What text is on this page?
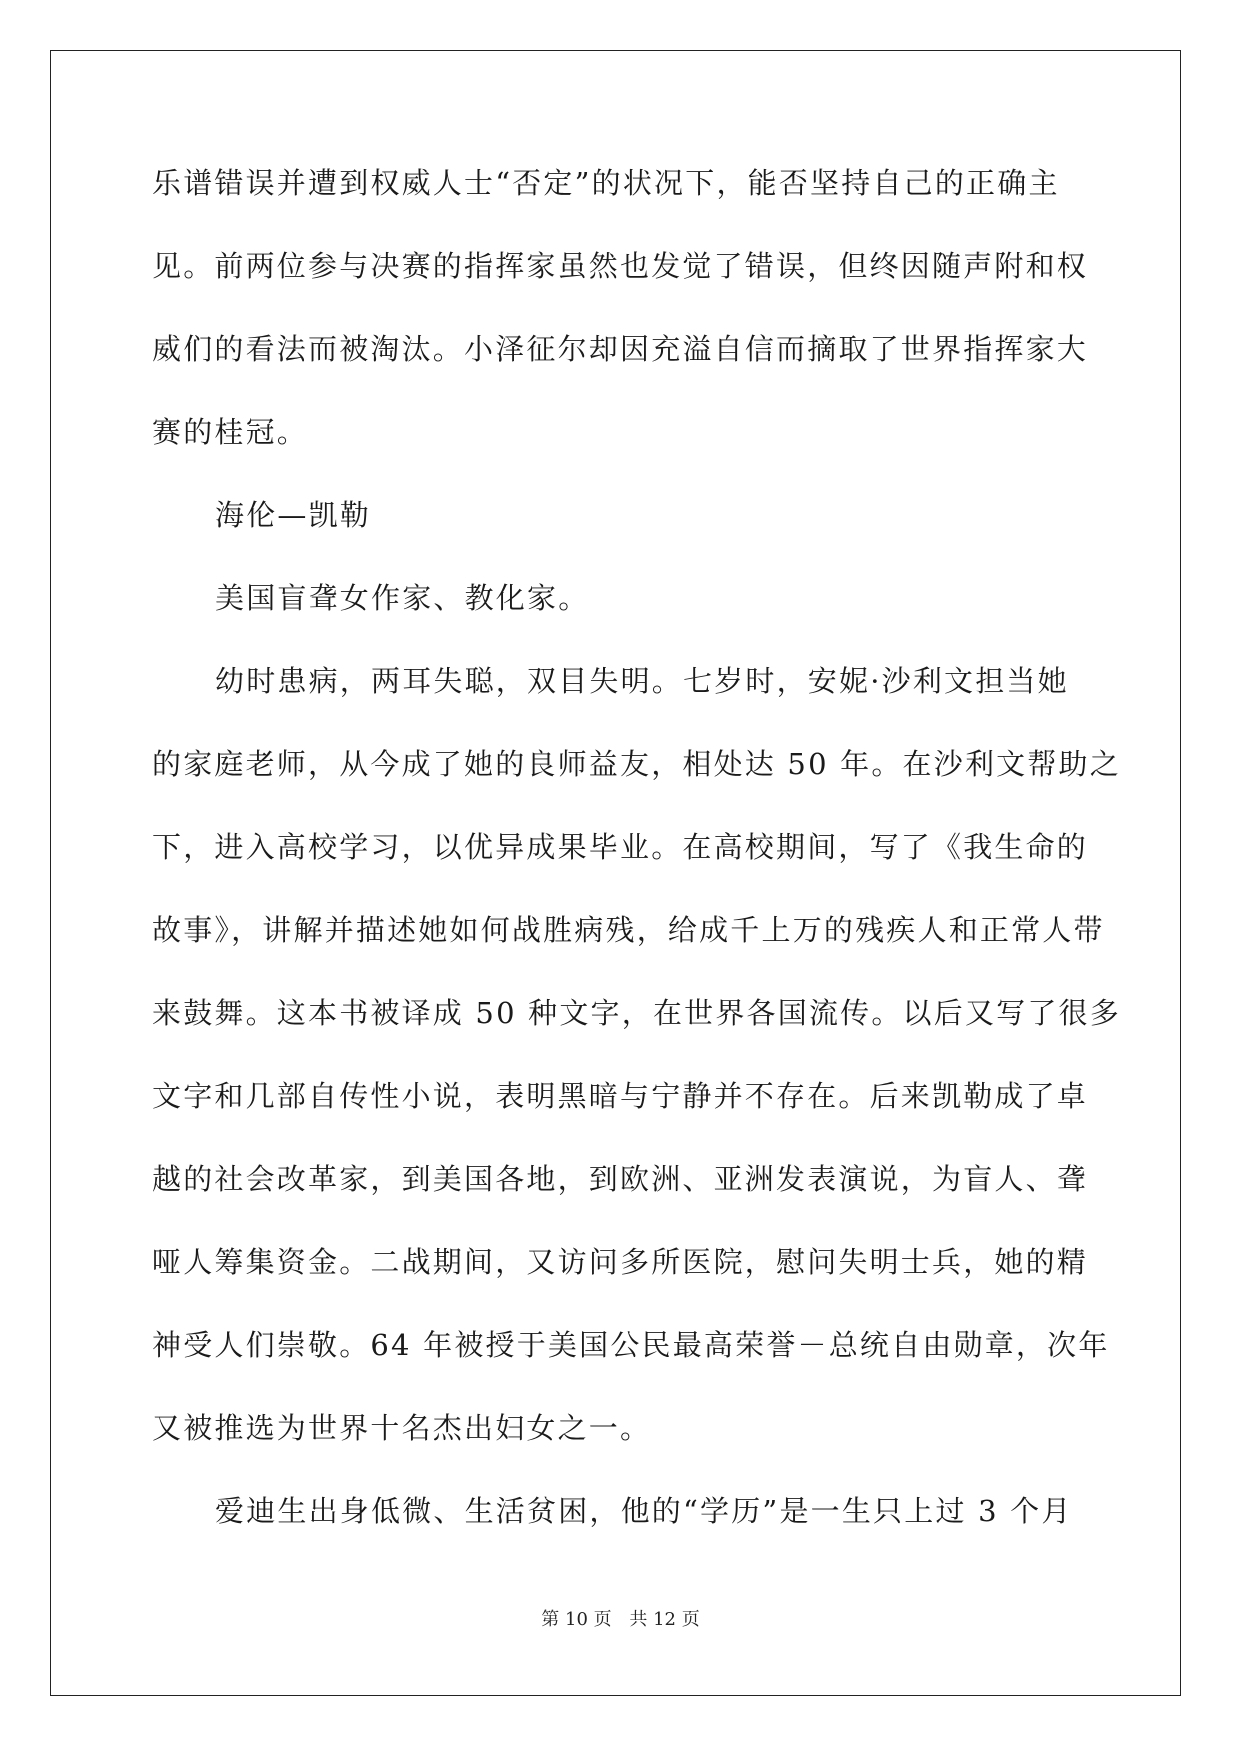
乐谱错误并遭到权威人士“否定”的状况下，能否坚持自己的正确主
见。前两位参与决赛的指挥家虽然也发觉了错误，但终因随声附和权
威们的看法而被淘汰。小泽征尔却因充溢自信而摘取了世界指挥家大
赛的桂冠。
海伦—凯勒
美国盲聋女作家、教化家。
幼时患病，两耳失聪，双目失明。七岁时，安妮·沙利文担当她
的家庭老师，从今成了她的良师益友，相处达 50 年。在沙利文帮助之
下，进入高校学习，以优异成果毕业。在高校期间，写了《我生命的
故事》，讲解并描述她如何战胜病残，给成千上万的残疾人和正常人带
来鼓舞。这本书被译成 50 种文字，在世界各国流传。以后又写了很多
文字和几部自传性小说，表明黑暗与宁静并不存在。后来凯勒成了卓
越的社会改革家，到美国各地，到欧洲、亚洲发表演说，为盲人、聋
哑人筹集资金。二战期间，又访问多所医院，慰问失明士兵，她的精
神受人们崇敬。64 年被授于美国公民最高荣誉－总统自由勋章，次年
又被推选为世界十名杰出妇女之一。
爱迪生出身低微、生活贫困，他的“学历”是一生只上过 3 个月
第 10 页 共 12 页
